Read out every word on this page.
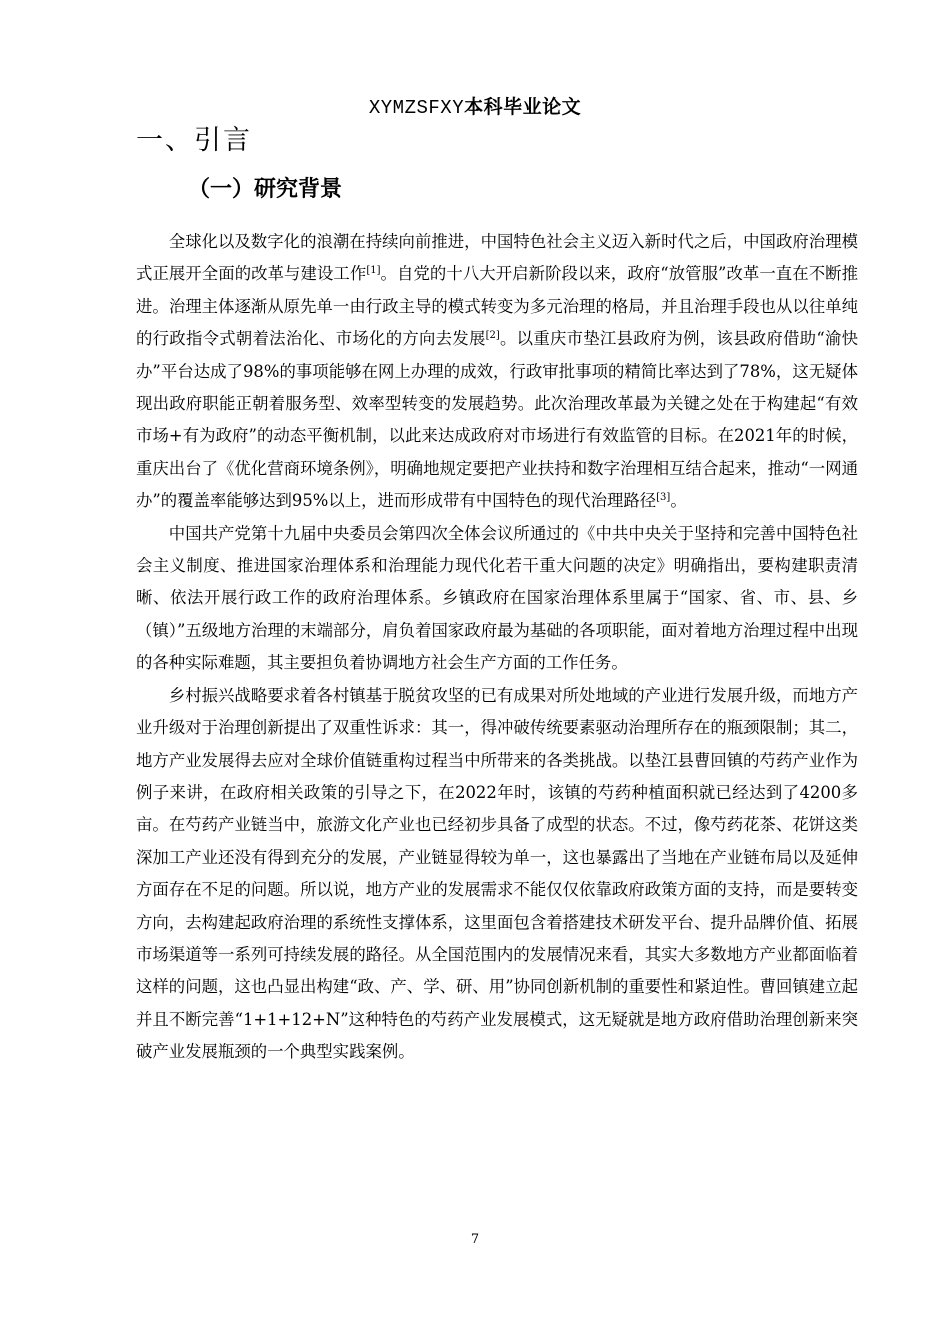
XYMZSFXY本科毕业论文
一、引言
（一）研究背景

全球化以及数字化的浪潮在持续向前推进，中国特色社会主义迈入新时代之后，中国政府治理模式正展开全面的改革与建设工作[1]。自党的十八大开启新阶段以来，政府“放管服”改革一直在不断推进。治理主体逐渐从原先单一由行政主导的模式转变为多元治理的格局，并且治理手段也从以往单纯的行政指令式朝着法治化、市场化的方向去发展[2]。以重庆市垫江县政府为例，该县政府借助“渝快办”平台达成了98%的事项能够在网上办理的成效，行政审批事项的精简比率达到了78%，这无疑体现出政府职能正朝着服务型、效率型转变的发展趋势。此次治理改革最为关键之处在于构建起“有效市场+有为政府”的动态平衡机制，以此来达成政府对市场进行有效监管的目标。在2021年的时候，重庆出台了《优化营商环境条例》，明确地规定要把产业扶持和数字治理相互结合起来，推动“一网通办”的覆盖率能够达到95%以上，进而形成带有中国特色的现代治理路径[3]。

中国共产党第十九届中央委员会第四次全体会议所通过的《中共中央关于坚持和完善中国特色社会主义制度、推进国家治理体系和治理能力现代化若干重大问题的决定》明确指出，要构建职责清晰、依法开展行政工作的政府治理体系。乡镇政府在国家治理体系里属于“国家、省、市、县、乡（镇）”五级地方治理的末端部分，肩负着国家政府最为基础的各项职能，面对着地方治理过程中出现的各种实际难题，其主要担负着协调地方社会生产方面的工作任务。

乡村振兴战略要求着各村镇基于脱贫攻坚的已有成果对所处地域的产业进行发展升级，而地方产业升级对于治理创新提出了双重性诉求：其一，得冲破传统要素驱动治理所存在的瓶颈限制；其二，地方产业发展得去应对全球价值链重构过程当中所带来的各类挑战。以垫江县曹回镇的芍药产业作为例子来讲，在政府相关政策的引导之下，在2022年时，该镇的芍药种植面积就已经达到了4200多亩。在芍药产业链当中，旅游文化产业也已经初步具备了成型的状态。不过，像芍药花茶、花饼这类深加工产业还没有得到充分的发展，产业链显得较为单一，这也暴露出了当地在产业链布局以及延伸方面存在不足的问题。所以说，地方产业的发展需求不能仅仅依靠政府政策方面的支持，而是要转变方向，去构建起政府治理的系统性支撑体系，这里面包含着搭建技术研发平台、提升品牌价值、拓展市场渠道等一系列可持续发展的路径。从全国范围内的发展情况来看，其实大多数地方产业都面临着这样的问题，这也凸显出构建“政、产、学、研、用”协同创新机制的重要性和紧迫性。曹回镇建立起并且不断完善“1+1+12+N”这种特色的芍药产业发展模式，这无疑就是地方政府借助治理创新来突破产业发展瓶颈的一个典型实践案例。

7
